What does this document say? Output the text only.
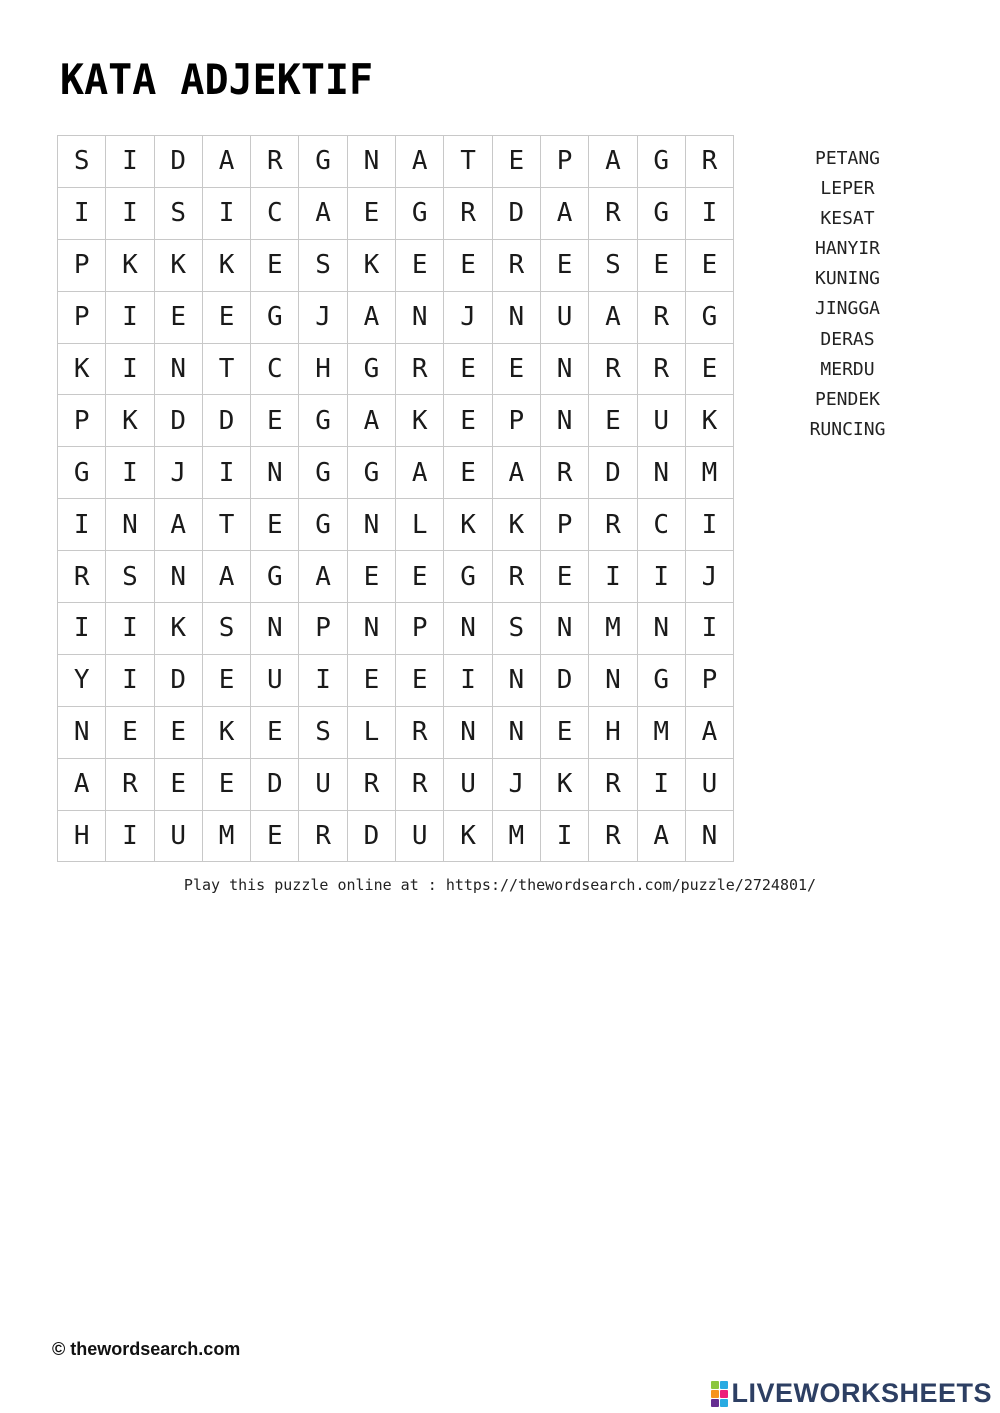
KATA ADJEKTIF
S	I	D	A	R	G	N	A	T	E	P	A	G	R
I	I	S	I	C	A	E	G	R	D	A	R	G	I
P	K	K	K	E	S	K	E	E	R	E	S	E	E
P	I	E	E	G	J	A	N	J	N	U	A	R	G
K	I	N	T	C	H	G	R	E	E	N	R	R	E
P	K	D	D	E	G	A	K	E	P	N	E	U	K
G	I	J	I	N	G	G	A	E	A	R	D	N	M
I	N	A	T	E	G	N	L	K	K	P	R	C	I
R	S	N	A	G	A	E	E	G	R	E	I	I	J
I	I	K	S	N	P	N	P	N	S	N	M	N	I
Y	I	D	E	U	I	E	E	I	N	D	N	G	P
N	E	E	K	E	S	L	R	N	N	E	H	M	A
A	R	E	E	D	U	R	R	U	J	K	R	I	U
H	I	U	M	E	R	D	U	K	M	I	R	A	N
PETANG
LEPER
KESAT
HANYIR
KUNING
JINGGA
DERAS
MERDU
PENDEK
RUNCING
Play this puzzle online at : https://thewordsearch.com/puzzle/2724801/
© thewordsearch.com
LIVEWORKSHEETS
